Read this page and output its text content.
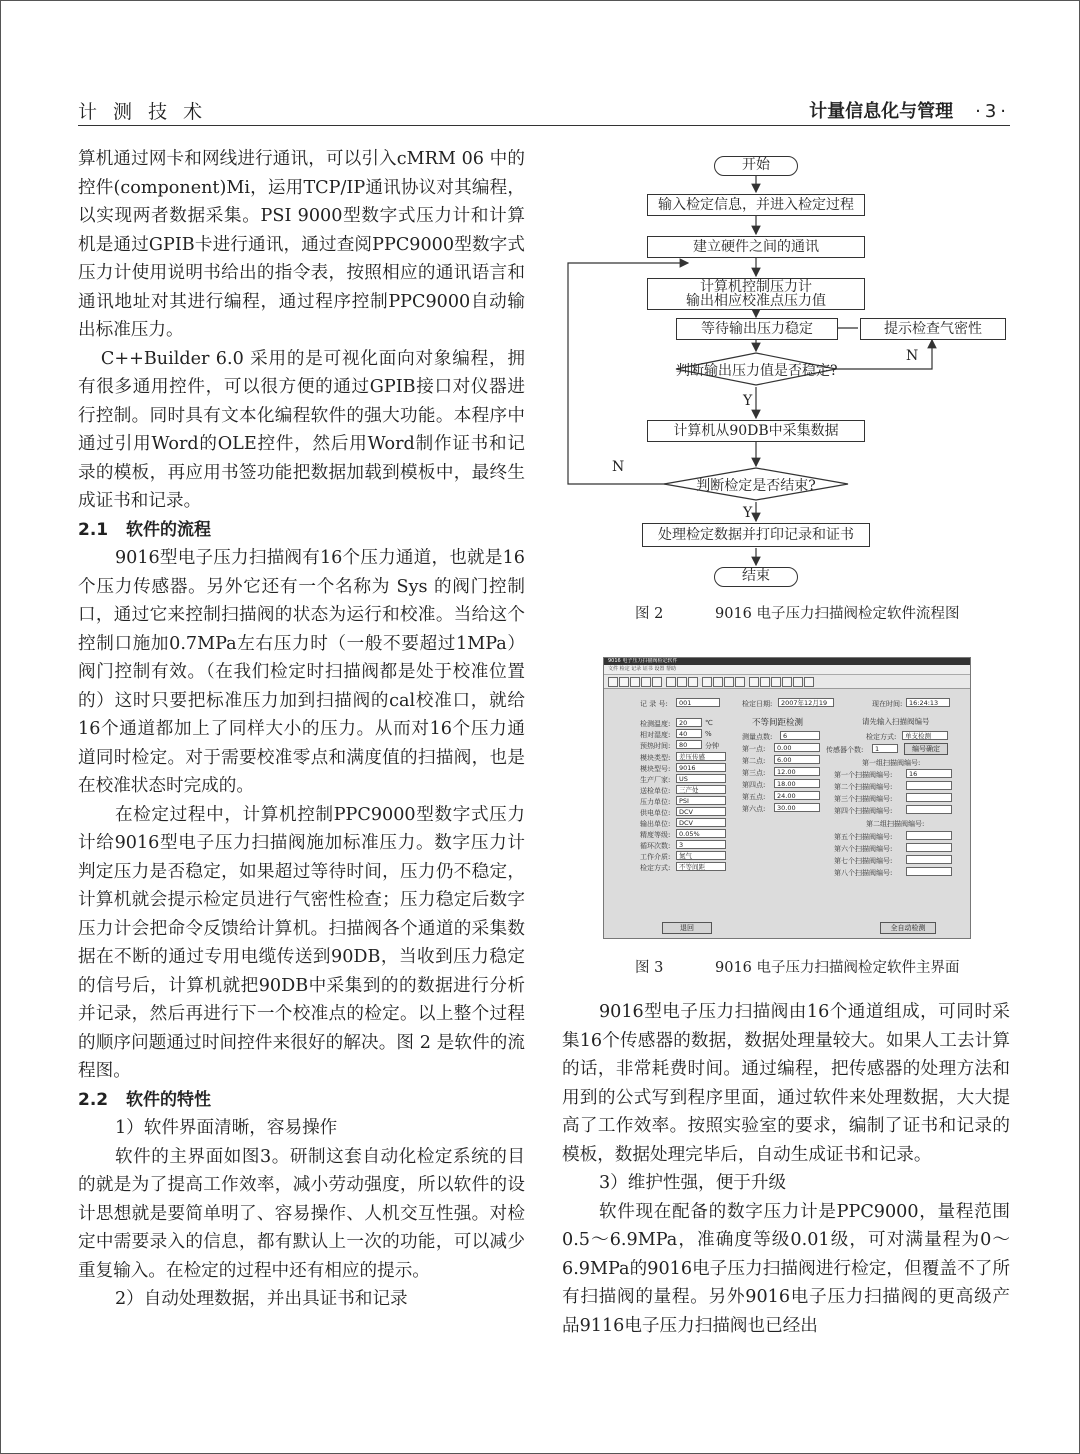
计 测 技 术	计量信息化与管理 ·3·

算机通过网卡和网线进行通讯，可以引入cMRM 06 中的控件(component)Mi，运用TCP/IP通讯协议对其编程，以实现两者数据采集。PSI 9000型数字式压力计和计算机是通过GPIB卡进行通讯，通过查阅PPC9000型数字式压力计使用说明书给出的指令表，按照相应的通讯语言和通讯地址对其进行编程，通过程序控制PPC9000自动输出标准压力。

C++Builder 6.0 采用的是可视化面向对象编程，拥有很多通用控件，可以很方便的通过GPIB接口对仪器进行控制。同时具有文本化编程软件的强大功能。本程序中通过引用Word的OLE控件，然后用Word制作证书和记录的模板，再应用书签功能把数据加载到模板中，最终生成证书和记录。

2.1 软件的流程

9016型电子压力扫描阀有16个压力通道，也就是16个压力传感器。另外它还有一个名称为 Sys 的阀门控制口，通过它来控制扫描阀的状态为运行和校准。当给这个控制口施加0.7MPa左右压力时（一般不要超过1MPa）阀门控制有效。（在我们检定时扫描阀都是处于校准位置的）这时只要把标准压力加到扫描阀的cal校准口，就给16个通道都加上了同样大小的压力。从而对16个压力通道同时检定。对于需要校准零点和满度值的扫描阀，也是在校准状态时完成的。

在检定过程中，计算机控制PPC9000型数字式压力计给9016型电子压力扫描阀施加标准压力。数字压力计判定压力是否稳定，如果超过等待时间，压力仍不稳定，计算机就会提示检定员进行气密性检查；压力稳定后数字压力计会把命令反馈给计算机。扫描阀各个通道的采集数据在不断的通过专用电缆传送到90DB，当收到压力稳定的信号后，计算机就把90DB中采集到的的数据进行分析并记录，然后再进行下一个校准点的检定。以上整个过程的顺序问题通过时间控件来很好的解决。图 2 是软件的流程图。

2.2 软件的特性

1）软件界面清晰，容易操作

软件的主界面如图3。研制这套自动化检定系统的目的就是为了提高工作效率，减小劳动强度，所以软件的设计思想就是要简单明了、容易操作、人机交互性强。对检定中需要录入的信息，都有默认上一次的功能，可以减少重复输入。在检定的过程中还有相应的提示。

2）自动处理数据，并出具证书和记录

开始
输入检定信息，并进入检定过程
建立硬件之间的通讯
计算机控制压力计
输出相应校准点压力值
等待输出压力稳定	提示检查气密性
判断输出压力值是否稳定?
N
Y
计算机从90DB中采集数据
判断检定是否结束?
N
Y
处理检定数据并打印记录和证书
结束
图 2	9016 电子压力扫描阀检定软件流程图
9016 电子压力扫描阀检定软件
文件 检定 记录 证书 设置 帮助
记 录 号:	001	检定日期:	2007年12月19	现在时间:	16:24:13
不等间距检测	请先输入扫描阀编号
检测温度:	20	℃
相对湿度:	40	%
预热时间:	80	分钟
模块类型:	差压传感
模块型号:	9016
生产厂家:	US
送检单位:	三产处
压力单位:	PSI
供电单位:	DCV
输出单位:	DCV
精度等级:	0.05%
循环次数:	3
工作介质:	氮气
检定方式:	不等间距
测量点数:	6
第一点:	0.00
第二点:	6.00
第三点:	12.00
第四点:	18.00
第五点:	24.00
第六点:	30.00
检定方式:	单支检测
传感器个数:	1	编号确定
第一组扫描阀编号:
第一个扫描阀编号:	16
第二个扫描阀编号:
第三个扫描阀编号:
第四个扫描阀编号:
第二组扫描阀编号:
第五个扫描阀编号:
第六个扫描阀编号:
第七个扫描阀编号:
第八个扫描阀编号:
退回	全自动检测
图 3	9016 电子压力扫描阀检定软件主界面

9016型电子压力扫描阀由16个通道组成，可同时采集16个传感器的数据，数据处理量较大。如果人工去计算的话，非常耗费时间。通过编程，把传感器的处理方法和用到的公式写到程序里面，通过软件来处理数据，大大提高了工作效率。按照实验室的要求，编制了证书和记录的模板，数据处理完毕后，自动生成证书和记录。

3）维护性强，便于升级

软件现在配备的数字压力计是PPC9000，量程范围0.5～6.9MPa，准确度等级0.01级，可对满量程为0～6.9MPa的9016电子压力扫描阀进行检定，但覆盖不了所有扫描阀的量程。另外9016电子压力扫描阀的更高级产品9116电子压力扫描阀也已经出
